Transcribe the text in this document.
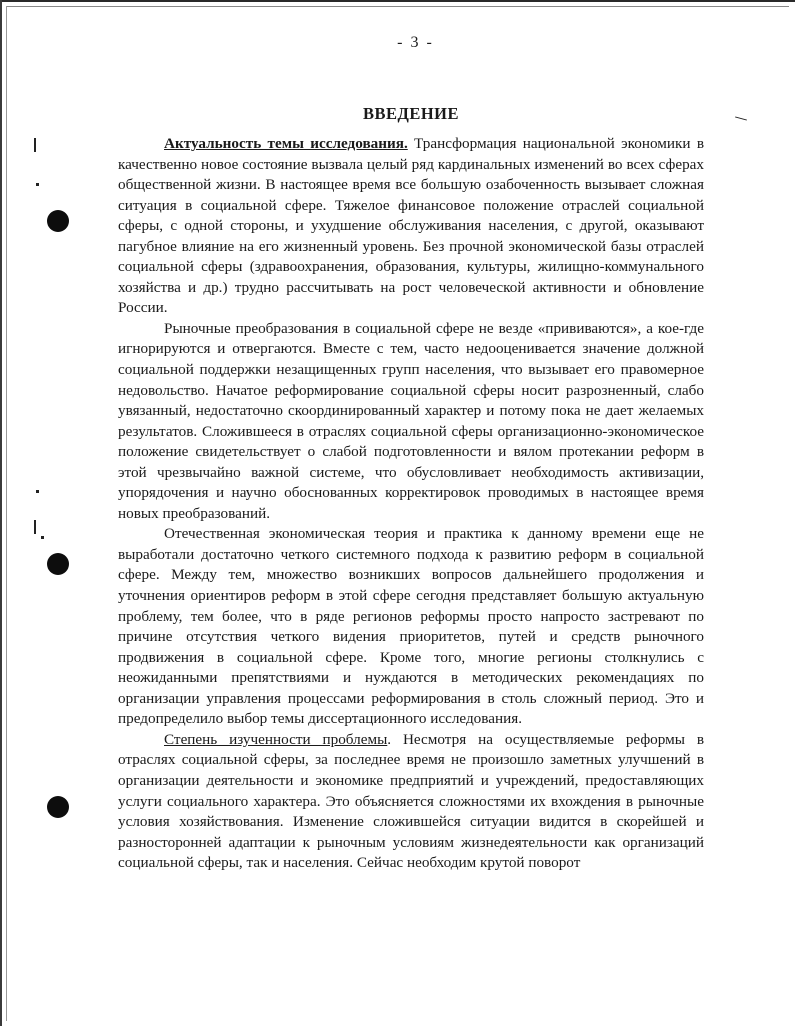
- 3 -
ВВЕДЕНИЕ

Актуальность темы исследования. Трансформация национальной экономики в качественно новое состояние вызвала целый ряд кардинальных изменений во всех сферах общественной жизни. В настоящее время все большую озабоченность вызывает сложная ситуация в социальной сфере. Тяжелое финансовое положение отраслей социальной сферы, с одной стороны, и ухудшение обслуживания населения, с другой, оказывают пагубное влияние на его жизненный уровень. Без прочной экономической базы отраслей социальной сферы (здравоохранения, образования, культуры, жилищно-коммунального хозяйства и др.) трудно рассчитывать на рост человеческой активности и обновление России.

Рыночные преобразования в социальной сфере не везде «прививаются», а кое-где игнорируются и отвергаются. Вместе с тем, часто недооценивается значение должной социальной поддержки незащищенных групп населения, что вызывает его правомерное недовольство. Начатое реформирование социальной сферы носит разрозненный, слабо увязанный, недостаточно скоординированный характер и потому пока не дает желаемых результатов. Сложившееся в отраслях социальной сферы организационно-экономическое положение свидетельствует о слабой подготовленности и вялом протекании реформ в этой чрезвычайно важной системе, что обусловливает необходимость активизации, упорядочения и научно обоснованных корректировок проводимых в настоящее время новых преобразований.

Отечественная экономическая теория и практика к данному времени еще не выработали достаточно четкого системного подхода к развитию реформ в социальной сфере. Между тем, множество возникших вопросов дальнейшего продолжения и уточнения ориентиров реформ в этой сфере сегодня представляет большую актуальную проблему, тем более, что в ряде регионов реформы просто напросто застревают по причине отсутствия четкого видения приоритетов, путей и средств рыночного продвижения в социальной сфере. Кроме того, многие регионы столкнулись с неожиданными препятствиями и нуждаются в методических рекомендациях по организации управления процессами реформирования в столь сложный период. Это и предопределило выбор темы диссертационного исследования.

Степень изученности проблемы. Несмотря на осуществляемые реформы в отраслях социальной сферы, за последнее время не произошло заметных улучшений в организации деятельности и экономике предприятий и учреждений, предоставляющих услуги социального характера. Это объясняется сложностями их вхождения в рыночные условия хозяйствования. Изменение сложившейся ситуации видится в скорейшей и разносторонней адаптации к рыночным условиям жизнедеятельности как организаций социальной сферы, так и населения. Сейчас необходим крутой поворот
